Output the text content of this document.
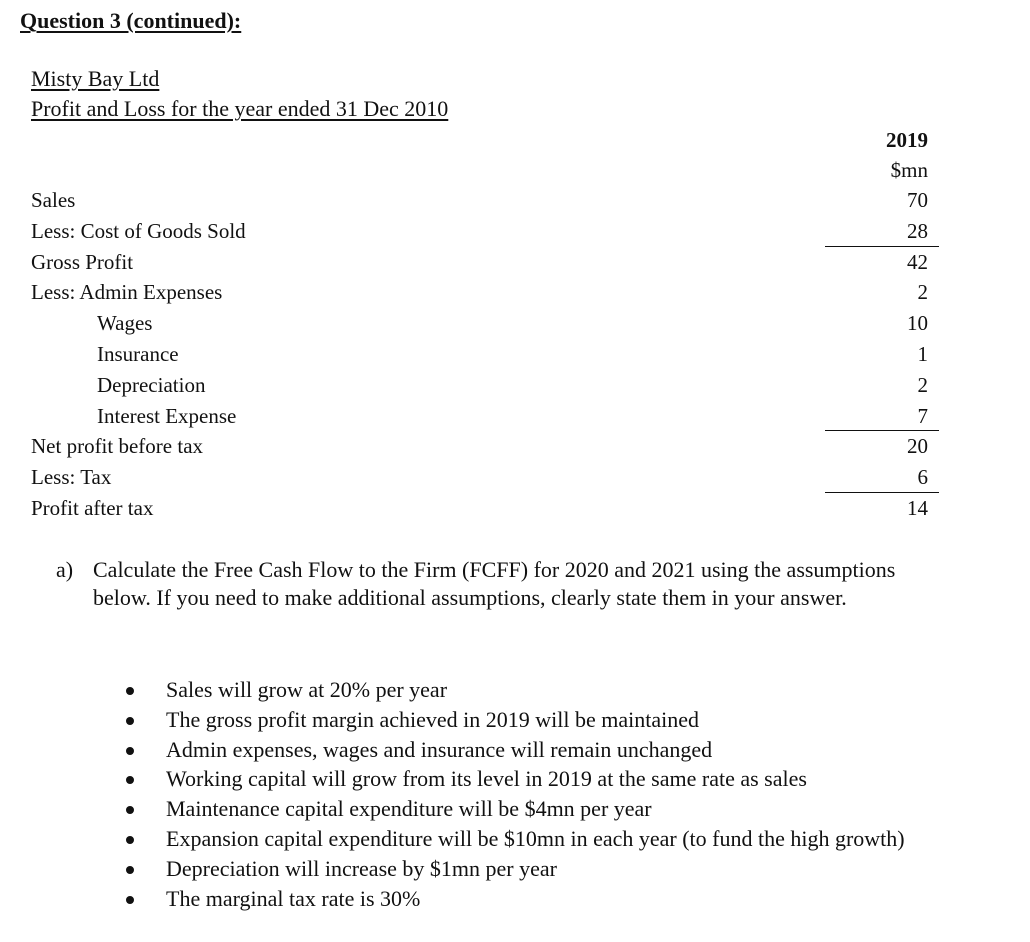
Question 3 (continued):

Misty Bay Ltd

Profit and Loss for the year ended 31 Dec 2010

2019
$mn
Sales	70
Less: Cost of Goods Sold	28
Gross Profit	42
Less: Admin Expenses	2
Wages	10
Insurance	1
Depreciation	2
Interest Expense	7
Net profit before tax	20
Less: Tax	6
Profit after tax	14
a) Calculate the Free Cash Flow to the Firm (FCFF) for 2020 and 2021 using the assumptions below. If you need to make additional assumptions, clearly state them in your answer.
Sales will grow at 20% per year
The gross profit margin achieved in 2019 will be maintained
Admin expenses, wages and insurance will remain unchanged
Working capital will grow from its level in 2019 at the same rate as sales
Maintenance capital expenditure will be $4mn per year
Expansion capital expenditure will be $10mn in each year (to fund the high growth)
Depreciation will increase by $1mn per year
The marginal tax rate is 30%
